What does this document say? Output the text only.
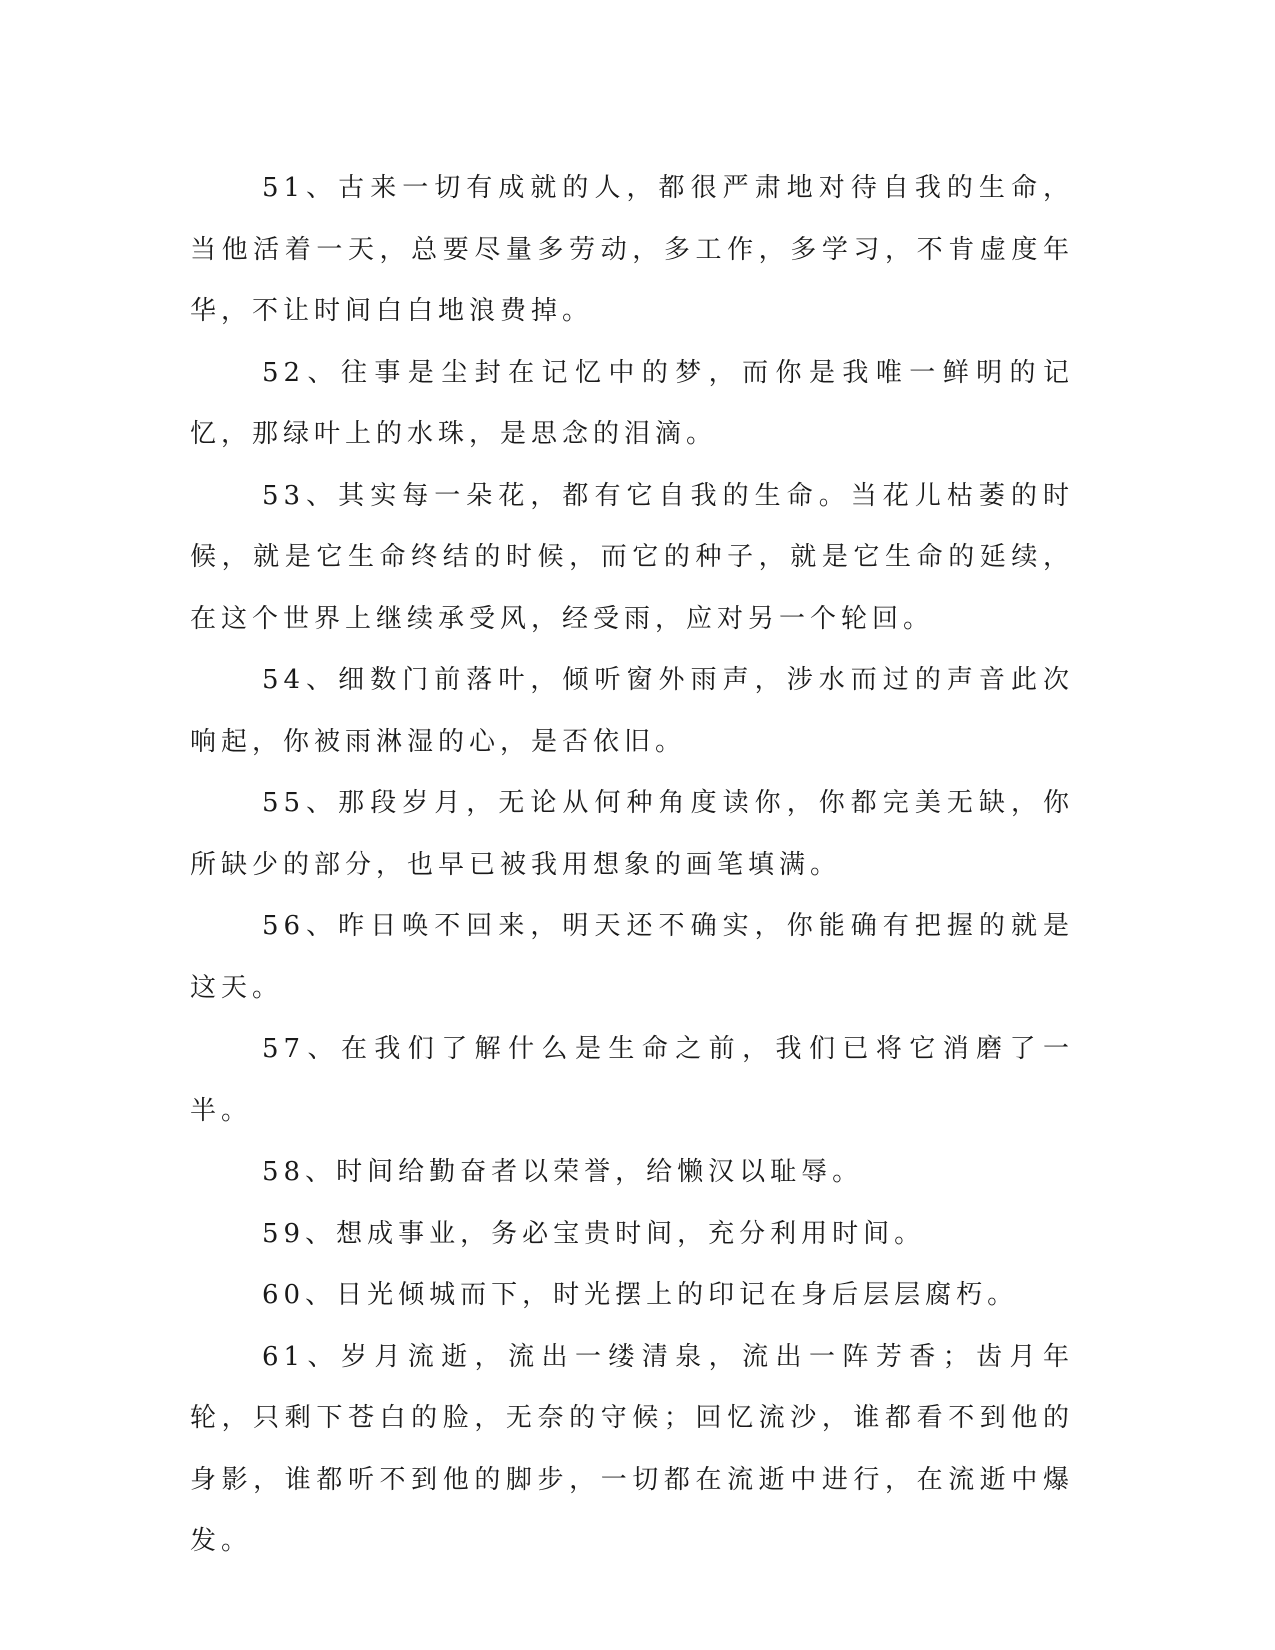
51、古来一切有成就的人，都很严肃地对待自我的生命，当他活着一天，总要尽量多劳动，多工作，多学习，不肯虚度年华，不让时间白白地浪费掉。

52、往事是尘封在记忆中的梦，而你是我唯一鲜明的记忆，那绿叶上的水珠，是思念的泪滴。

53、其实每一朵花，都有它自我的生命。当花儿枯萎的时候，就是它生命终结的时候，而它的种子，就是它生命的延续，在这个世界上继续承受风，经受雨，应对另一个轮回。

54、细数门前落叶，倾听窗外雨声，涉水而过的声音此次响起，你被雨淋湿的心，是否依旧。

55、那段岁月，无论从何种角度读你，你都完美无缺，你所缺少的部分，也早已被我用想象的画笔填满。

56、昨日唤不回来，明天还不确实，你能确有把握的就是这天。

57、在我们了解什么是生命之前，我们已将它消磨了一半。

58、时间给勤奋者以荣誉，给懒汉以耻辱。

59、想成事业，务必宝贵时间，充分利用时间。

60、日光倾城而下，时光摆上的印记在身后层层腐朽。

61、岁月流逝，流出一缕清泉，流出一阵芳香；齿月年轮，只剩下苍白的脸，无奈的守候；回忆流沙，谁都看不到他的身影，谁都听不到他的脚步，一切都在流逝中进行，在流逝中爆发。
